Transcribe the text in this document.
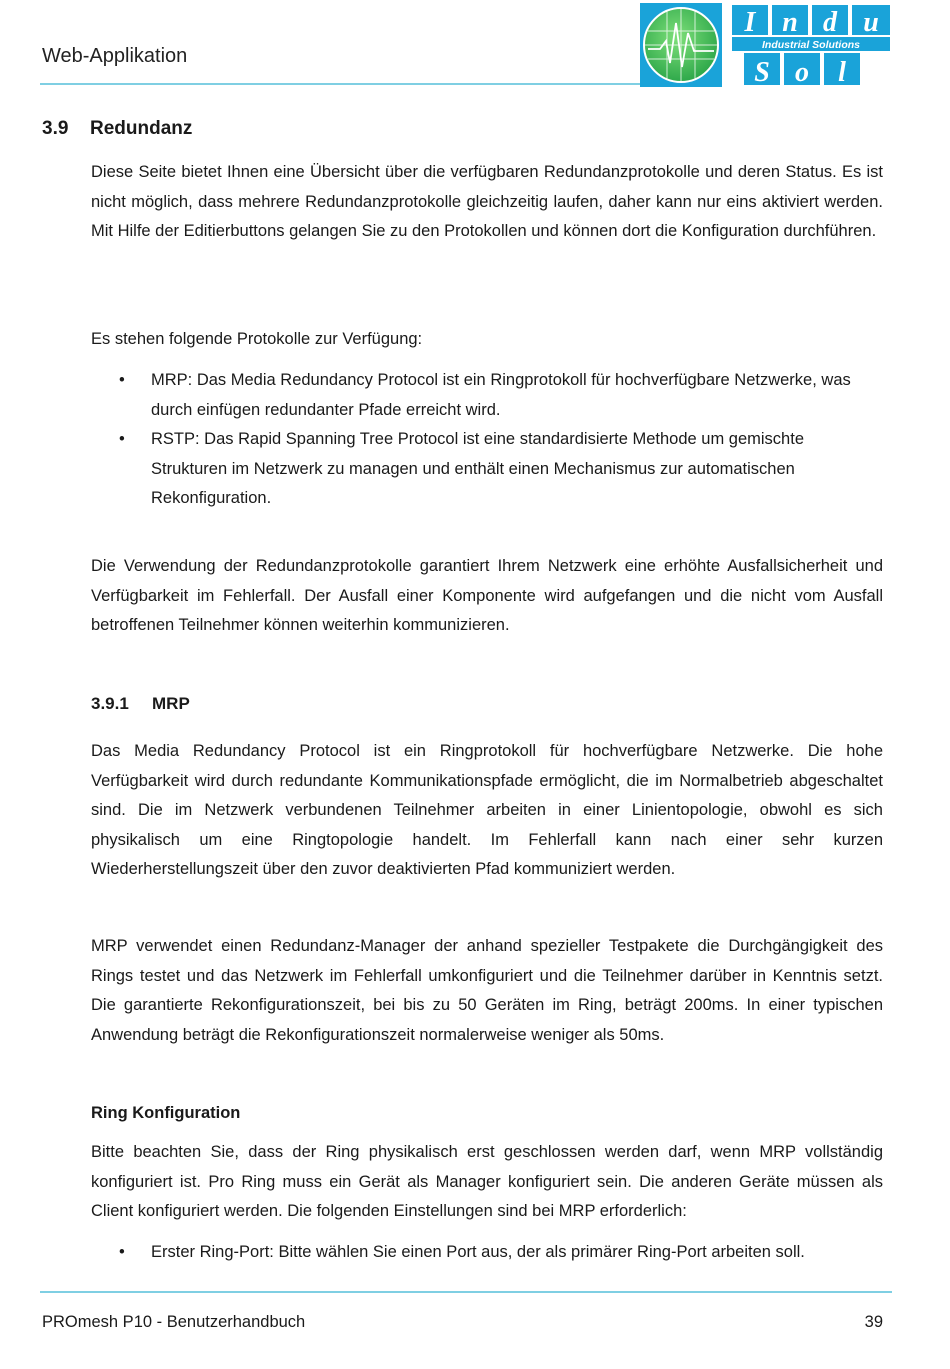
Web-Applikation
I n d u
S o l
Industrial Solutions
3.9 Redundanz

Diese Seite bietet Ihnen eine Übersicht über die verfügbaren Redundanzprotokolle und deren Status. Es ist nicht möglich, dass mehrere Redundanzprotokolle gleichzeitig laufen, daher kann nur eins aktiviert werden. Mit Hilfe der Editierbuttons gelangen Sie zu den Protokollen und können dort die Konfiguration durchführen.

Es stehen folgende Protokolle zur Verfügung:

• MRP: Das Media Redundancy Protocol ist ein Ringprotokoll für hochverfügbare Netzwerke, was durch einfügen redundanter Pfade erreicht wird.
• RSTP: Das Rapid Spanning Tree Protocol ist eine standardisierte Methode um gemischte Strukturen im Netzwerk zu managen und enthält einen Mechanismus zur automatischen Rekonfiguration.

Die Verwendung der Redundanzprotokolle garantiert Ihrem Netzwerk eine erhöhte Ausfallsicherheit und Verfügbarkeit im Fehlerfall. Der Ausfall einer Komponente wird aufgefangen und die nicht vom Ausfall betroffenen Teilnehmer können weiterhin kommunizieren.

3.9.1 MRP

Das Media Redundancy Protocol ist ein Ringprotokoll für hochverfügbare Netzwerke. Die hohe Verfügbarkeit wird durch redundante Kommunikationspfade ermöglicht, die im Normalbetrieb abgeschaltet sind. Die im Netzwerk verbundenen Teilnehmer arbeiten in einer Linientopologie, obwohl es sich physikalisch um eine Ringtopologie handelt. Im Fehlerfall kann nach einer sehr kurzen Wiederherstellungszeit über den zuvor deaktivierten Pfad kommuniziert werden.

MRP verwendet einen Redundanz-Manager der anhand spezieller Testpakete die Durchgängigkeit des Rings testet und das Netzwerk im Fehlerfall umkonfiguriert und die Teilnehmer darüber in Kenntnis setzt. Die garantierte Rekonfigurationszeit, bei bis zu 50 Geräten im Ring, beträgt 200ms. In einer typischen Anwendung beträgt die Rekonfigurationszeit normalerweise weniger als 50ms.

Ring Konfiguration

Bitte beachten Sie, dass der Ring physikalisch erst geschlossen werden darf, wenn MRP vollständig konfiguriert ist. Pro Ring muss ein Gerät als Manager konfiguriert sein. Die anderen Geräte müssen als Client konfiguriert werden. Die folgenden Einstellungen sind bei MRP erforderlich:

• Erster Ring-Port: Bitte wählen Sie einen Port aus, der als primärer Ring-Port arbeiten soll.
PROmesh P10 - Benutzerhandbuch	39
